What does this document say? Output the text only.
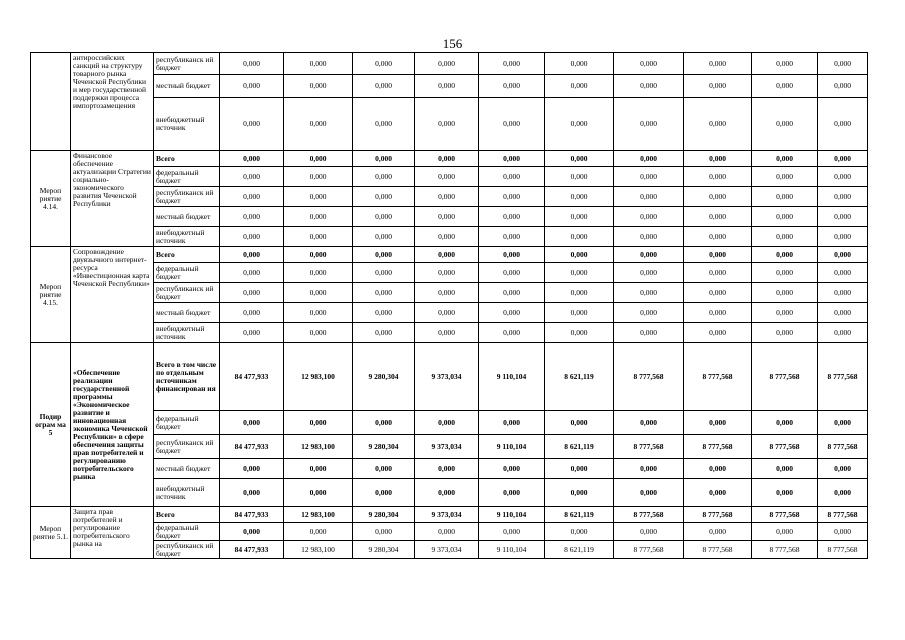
156
	антироссийских санкций на структуру товарного рынка Чеченской Республики и мер государственной поддержки процесса импортозамещения	республиканск ий бюджет	0,000	0,000	0,000	0,000	0,000	0,000	0,000	0,000	0,000	0,000
		местный бюджет	0,000	0,000	0,000	0,000	0,000	0,000	0,000	0,000	0,000	0,000
		внебюджетный источник	0,000	0,000	0,000	0,000	0,000	0,000	0,000	0,000	0,000	0,000
Мероп риятие 4.14.	Финансовое обеспечение актуализации Стратегии социально-экономического развития Чеченской Республики	Всего	0,000	0,000	0,000	0,000	0,000	0,000	0,000	0,000	0,000	0,000
		федеральный бюджет	0,000	0,000	0,000	0,000	0,000	0,000	0,000	0,000	0,000	0,000
		республиканск ий бюджет	0,000	0,000	0,000	0,000	0,000	0,000	0,000	0,000	0,000	0,000
		местный бюджет	0,000	0,000	0,000	0,000	0,000	0,000	0,000	0,000	0,000	0,000
		внебюджетный источник	0,000	0,000	0,000	0,000	0,000	0,000	0,000	0,000	0,000	0,000
Мероп риятие 4.15.	Сопровождение двуязычного интернет-ресурса «Инвестиционная карта Чеченской Республики»	Всего	0,000	0,000	0,000	0,000	0,000	0,000	0,000	0,000	0,000	0,000
		федеральный бюджет	0,000	0,000	0,000	0,000	0,000	0,000	0,000	0,000	0,000	0,000
		республиканск ий бюджет	0,000	0,000	0,000	0,000	0,000	0,000	0,000	0,000	0,000	0,000
		местный бюджет	0,000	0,000	0,000	0,000	0,000	0,000	0,000	0,000	0,000	0,000
		внебюджетный источник	0,000	0,000	0,000	0,000	0,000	0,000	0,000	0,000	0,000	0,000
Подир ограм ма 5	«Обеспечение реализации государственной программы «Экономическое развитие и инновационная экономика Чеченской Республики» в сфере обеспечения защиты прав потребителей и регулированию потребительского рынка	Всего в том числе по отдельным источникам финансирован ия	84 477,933	12 983,100	9 280,304	9 373,034	9 110,104	8 621,119	8 777,568	8 777,568	8 777,568	8 777,568
		федеральный бюджет	0,000	0,000	0,000	0,000	0,000	0,000	0,000	0,000	0,000	0,000
		республиканск ий бюджет	84 477,933	12 983,100	9 280,304	9 373,034	9 110,104	8 621,119	8 777,568	8 777,568	8 777,568	8 777,568
		местный бюджет	0,000	0,000	0,000	0,000	0,000	0,000	0,000	0,000	0,000	0,000
		внебюджетный источник	0,000	0,000	0,000	0,000	0,000	0,000	0,000	0,000	0,000	0,000
Мероп риятие 5.1.	Защита прав потребителей и регулирование потребительского рынка на	Всего	84 477,933	12 983,100	9 280,304	9 373,034	9 110,104	8 621,119	8 777,568	8 777,568	8 777,568	8 777,568
		федеральный бюджет	0,000	0,000	0,000	0,000	0,000	0,000	0,000	0,000	0,000	0,000
		республиканск ий бюджет	84 477,933	12 983,100	9 280,304	9 373,034	9 110,104	8 621,119	8 777,568	8 777,568	8 777,568	8 777,568
